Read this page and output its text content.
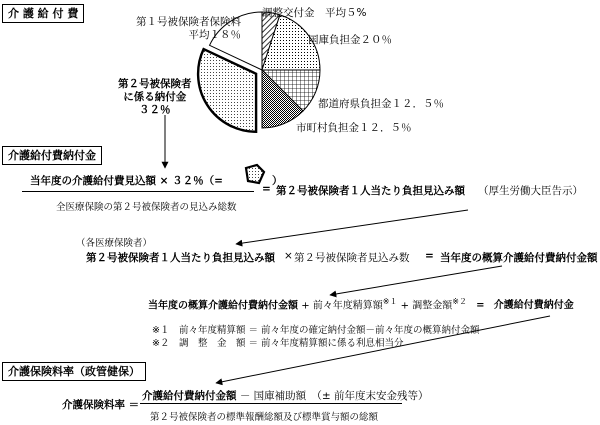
介 護 給 付 費
介護給付費納付金
介護保険料率（政管健保）
第１号被保険者保険料
平均１８％
調整交付金　平均５%
国庫負担金２０％
都道府県負担金１２．５％
市町村負担金１２．５％
第２号被保険者
に係る納付金
３２％
当年度の介護給付費見込額 × ３２％（=	）
全医療保険の第２号被保険者の見込み総数
= 第２号被保険者１人当たり負担見込み額 （厚生労働大臣告示）
（各医療保険者）
第２号被保険者１人当たり負担見込み額 × 第２号被保険者見込み数 = 当年度の概算介護給付費納付金額
当年度の概算介護給付費納付金額 + 前々年度精算額$^{※1}$ + 調整金額$^{※2}$ = 介護給付費納付金
※１　前々年度精算額 ＝ 前々年度の確定納付金額－前々年度の概算納付金額
※２　調　整　金　額 ＝ 前々年度精算額に係る利息相当分
介護保険料率 ＝
介護給付費納付金額 － 国庫補助額　（± 前年度末安金残等）
第２号被保険者の標準報酬総額及び標準賞与額の総額
